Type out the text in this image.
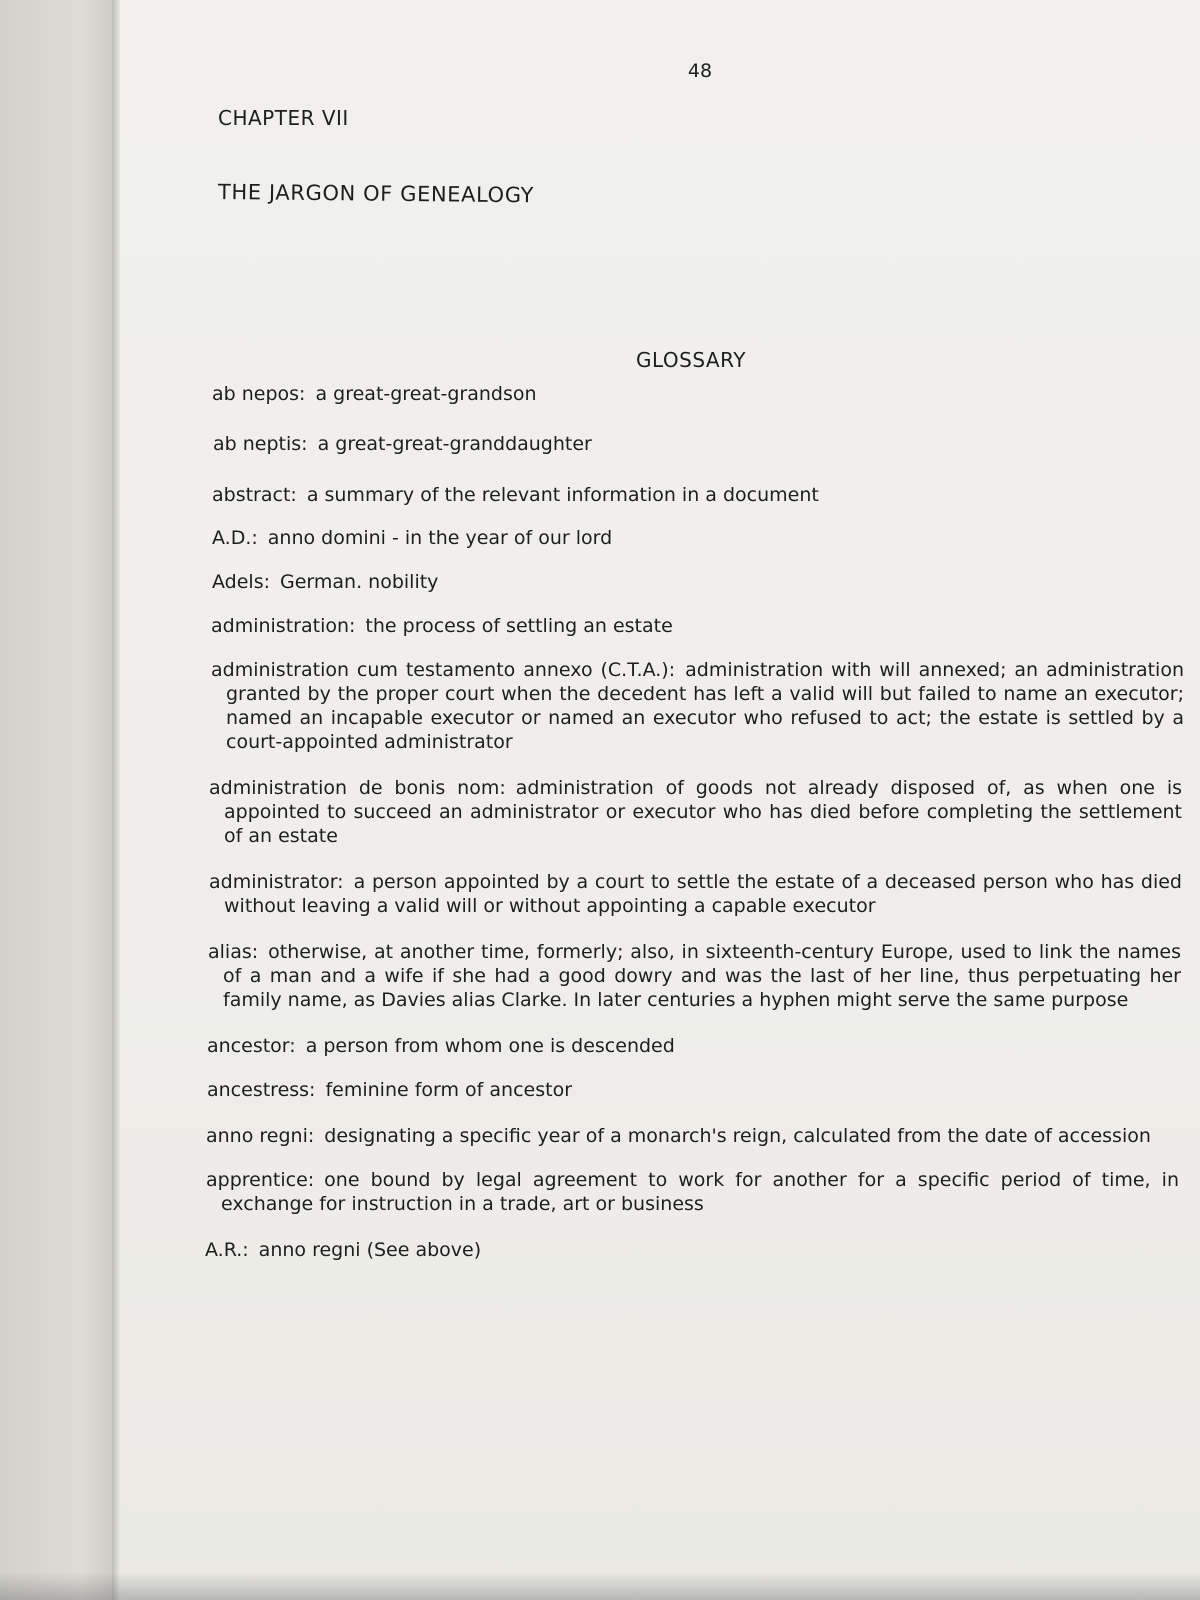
48
CHAPTER VII
THE JARGON OF GENEALOGY
GLOSSARY
ab nepos: a great-great-grandson
ab neptis: a great-great-granddaughter
abstract: a summary of the relevant information in a document
A.D.: anno domini - in the year of our lord
Adels: German. nobility
administration: the process of settling an estate
administration cum testamento annexo (C.T.A.): administration with will annexed; an administration granted by the proper court when the decedent has left a valid will but failed to name an executor; named an incapable executor or named an executor who refused to act; the estate is settled by a court-appointed administrator
administration de bonis nom: administration of goods not already disposed of, as when one is appointed to succeed an administrator or executor who has died before completing the settlement of an estate
administrator: a person appointed by a court to settle the estate of a deceased person who has died without leaving a valid will or without appointing a capable executor
alias: otherwise, at another time, formerly; also, in sixteenth-century Europe, used to link the names of a man and a wife if she had a good dowry and was the last of her line, thus perpetuating her family name, as Davies alias Clarke. In later centuries a hyphen might serve the same purpose
ancestor: a person from whom one is descended
ancestress: feminine form of ancestor
anno regni: designating a specific year of a monarch's reign, calculated from the date of accession
apprentice: one bound by legal agreement to work for another for a specific period of time, in exchange for instruction in a trade, art or business
A.R.: anno regni (See above)
